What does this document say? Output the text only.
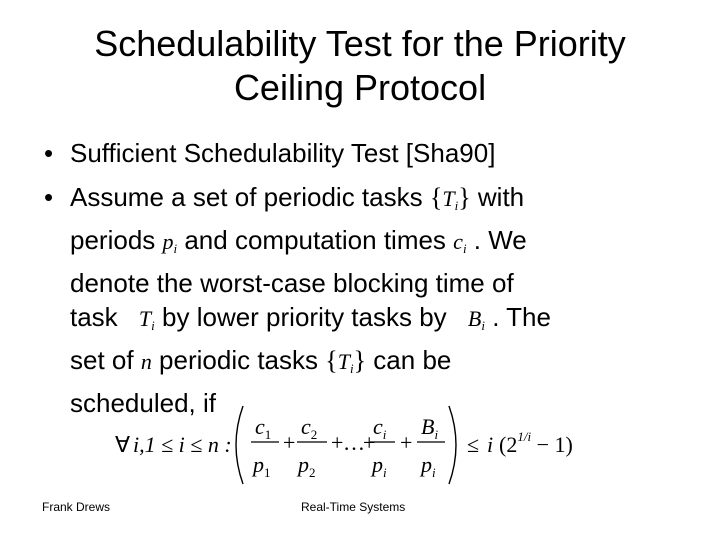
Schedulability Test for the Priority
Ceiling Protocol
• Sufficient Schedulability Test [Sha90]
• Assume a set of periodic tasks $\{T_i\}$ with
periods $p_i$ and computation times $c_i$ . We
denote the worst-case blocking time of
task $T_i$ by lower priority tasks by $B_i$ . The
set of n periodic tasks $\{T_i\}$ can be
scheduled, if
∀ i,1 ≤ i ≤ n :
$c_1$
$p_1$
+
$c_2$
$p_2$
+ …
+
$c_i$
$p_i$
+
$B_i$
$p_i$
≤ i $(2^{1/i} - 1)$
Frank Drews	Real-Time Systems
